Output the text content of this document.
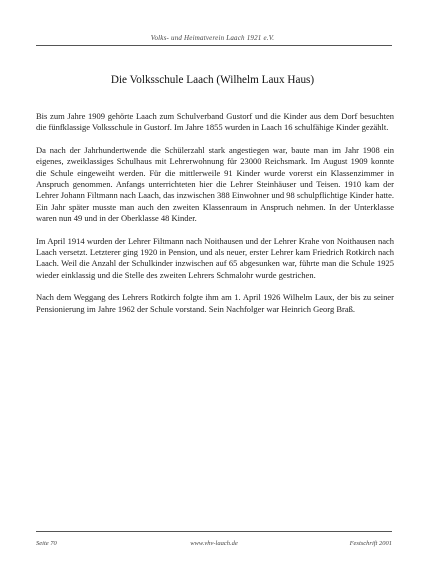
Volks- und Heimatverein Laach 1921 e.V.
Die Volksschule Laach (Wilhelm Laux Haus)

Bis zum Jahre 1909 gehörte Laach zum Schulverband Gustorf und die Kinder aus dem Dorf besuchten die fünfklassige Volksschule in Gustorf. Im Jahre 1855 wurden in Laach 16 schulfähige Kinder gezählt.

Da nach der Jahrhundertwende die Schülerzahl stark angestiegen war, baute man im Jahr 1908 ein eigenes, zweiklassiges Schulhaus mit Lehrerwohnung für 23000 Reichsmark. Im August 1909 konnte die Schule eingeweiht werden. Für die mittlerweile 91 Kinder wurde vorerst ein Klassenzimmer in Anspruch genommen. Anfangs unterrichteten hier die Lehrer Steinhäuser und Teisen. 1910 kam der Lehrer Johann Filtmann nach Laach, das inzwischen 388 Einwohner und 98 schulpflichtige Kinder hatte. Ein Jahr später musste man auch den zweiten Klassenraum in Anspruch nehmen. In der Unterklasse waren nun 49 und in der Oberklasse 48 Kinder.

Im April 1914 wurden der Lehrer Filtmann nach Noithausen und der Lehrer Krahe von Noithausen nach Laach versetzt. Letzterer ging 1920 in Pension, und als neuer, erster Lehrer kam Friedrich Rotkirch nach Laach. Weil die Anzahl der Schulkinder inzwischen auf 65 abgesunken war, führte man die Schule 1925 wieder einklassig und die Stelle des zweiten Lehrers Schmalohr wurde gestrichen.

Nach dem Weggang des Lehrers Rotkirch folgte ihm am 1. April 1926 Wilhelm Laux, der bis zu seiner Pensionierung im Jahre 1962 der Schule vorstand. Sein Nachfolger war Heinrich Georg Braß.

Seite 70	www.vhv-laach.de	Festschrift 2001
